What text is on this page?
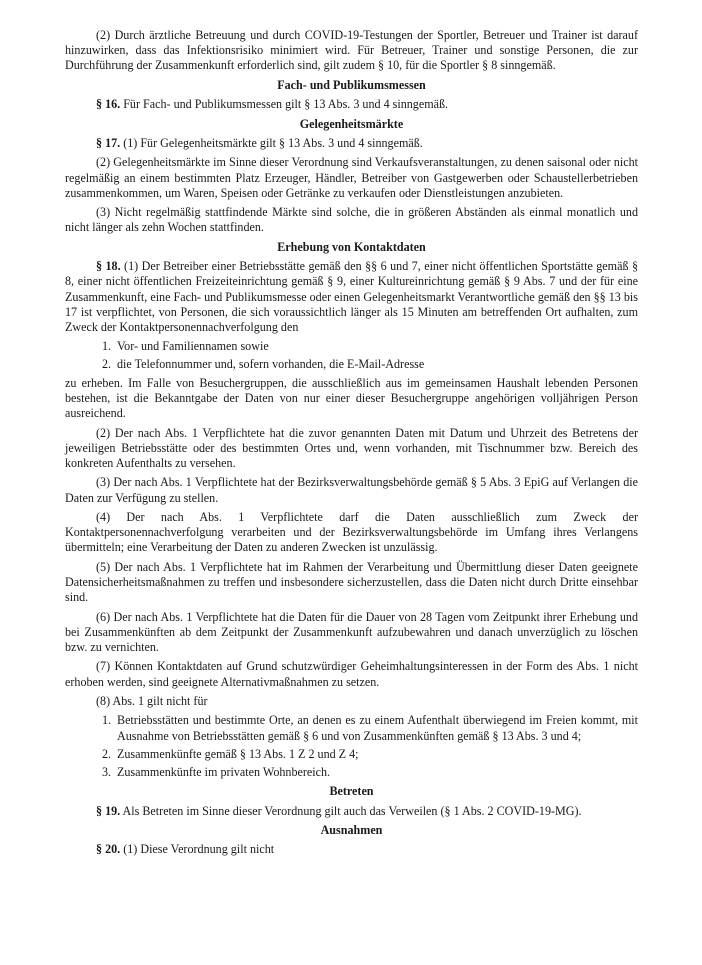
(2) Durch ärztliche Betreuung und durch COVID-19-Testungen der Sportler, Betreuer und Trainer ist darauf hinzuwirken, dass das Infektionsrisiko minimiert wird. Für Betreuer, Trainer und sonstige Personen, die zur Durchführung der Zusammenkunft erforderlich sind, gilt zudem § 10, für die Sportler § 8 sinngemäß.

Fach- und Publikumsmessen

§ 16. Für Fach- und Publikumsmessen gilt § 13 Abs. 3 und 4 sinngemäß.

Gelegenheitsmärkte

§ 17. (1) Für Gelegenheitsmärkte gilt § 13 Abs. 3 und 4 sinngemäß.

(2) Gelegenheitsmärkte im Sinne dieser Verordnung sind Verkaufsveranstaltungen, zu denen saisonal oder nicht regelmäßig an einem bestimmten Platz Erzeuger, Händler, Betreiber von Gastgewerben oder Schaustellerbetrieben zusammenkommen, um Waren, Speisen oder Getränke zu verkaufen oder Dienstleistungen anzubieten.

(3) Nicht regelmäßig stattfindende Märkte sind solche, die in größeren Abständen als einmal monatlich und nicht länger als zehn Wochen stattfinden.

Erhebung von Kontaktdaten

§ 18. (1) Der Betreiber einer Betriebsstätte gemäß den §§ 6 und 7, einer nicht öffentlichen Sportstätte gemäß § 8, einer nicht öffentlichen Freizeiteinrichtung gemäß § 9, einer Kultureinrichtung gemäß § 9 Abs. 7 und der für eine Zusammenkunft, eine Fach- und Publikumsmesse oder einen Gelegenheitsmarkt Verantwortliche gemäß den §§ 13 bis 17 ist verpflichtet, von Personen, die sich voraussichtlich länger als 15 Minuten am betreffenden Ort aufhalten, zum Zweck der Kontaktpersonennachverfolgung den

1. Vor- und Familiennamen sowie
2. die Telefonnummer und, sofern vorhanden, die E-Mail-Adresse

zu erheben. Im Falle von Besuchergruppen, die ausschließlich aus im gemeinsamen Haushalt lebenden Personen bestehen, ist die Bekanntgabe der Daten von nur einer dieser Besuchergruppe angehörigen volljährigen Person ausreichend.

(2) Der nach Abs. 1 Verpflichtete hat die zuvor genannten Daten mit Datum und Uhrzeit des Betretens der jeweiligen Betriebsstätte oder des bestimmten Ortes und, wenn vorhanden, mit Tischnummer bzw. Bereich des konkreten Aufenthalts zu versehen.

(3) Der nach Abs. 1 Verpflichtete hat der Bezirksverwaltungsbehörde gemäß § 5 Abs. 3 EpiG auf Verlangen die Daten zur Verfügung zu stellen.

(4) Der nach Abs. 1 Verpflichtete darf die Daten ausschließlich zum Zweck der Kontaktpersonennachverfolgung verarbeiten und der Bezirksverwaltungsbehörde im Umfang ihres Verlangens übermitteln; eine Verarbeitung der Daten zu anderen Zwecken ist unzulässig.

(5) Der nach Abs. 1 Verpflichtete hat im Rahmen der Verarbeitung und Übermittlung dieser Daten geeignete Datensicherheitsmaßnahmen zu treffen und insbesondere sicherzustellen, dass die Daten nicht durch Dritte einsehbar sind.

(6) Der nach Abs. 1 Verpflichtete hat die Daten für die Dauer von 28 Tagen vom Zeitpunkt ihrer Erhebung und bei Zusammenkünften ab dem Zeitpunkt der Zusammenkunft aufzubewahren und danach unverzüglich zu löschen bzw. zu vernichten.

(7) Können Kontaktdaten auf Grund schutzwürdiger Geheimhaltungsinteressen in der Form des Abs. 1 nicht erhoben werden, sind geeignete Alternativmaßnahmen zu setzen.

(8) Abs. 1 gilt nicht für

1. Betriebsstätten und bestimmte Orte, an denen es zu einem Aufenthalt überwiegend im Freien kommt, mit Ausnahme von Betriebsstätten gemäß § 6 und von Zusammenkünften gemäß § 13 Abs. 3 und 4;
2. Zusammenkünfte gemäß § 13 Abs. 1 Z 2 und Z 4;
3. Zusammenkünfte im privaten Wohnbereich.
Betreten

§ 19. Als Betreten im Sinne dieser Verordnung gilt auch das Verweilen (§ 1 Abs. 2 COVID-19-MG).

Ausnahmen

§ 20. (1) Diese Verordnung gilt nicht
